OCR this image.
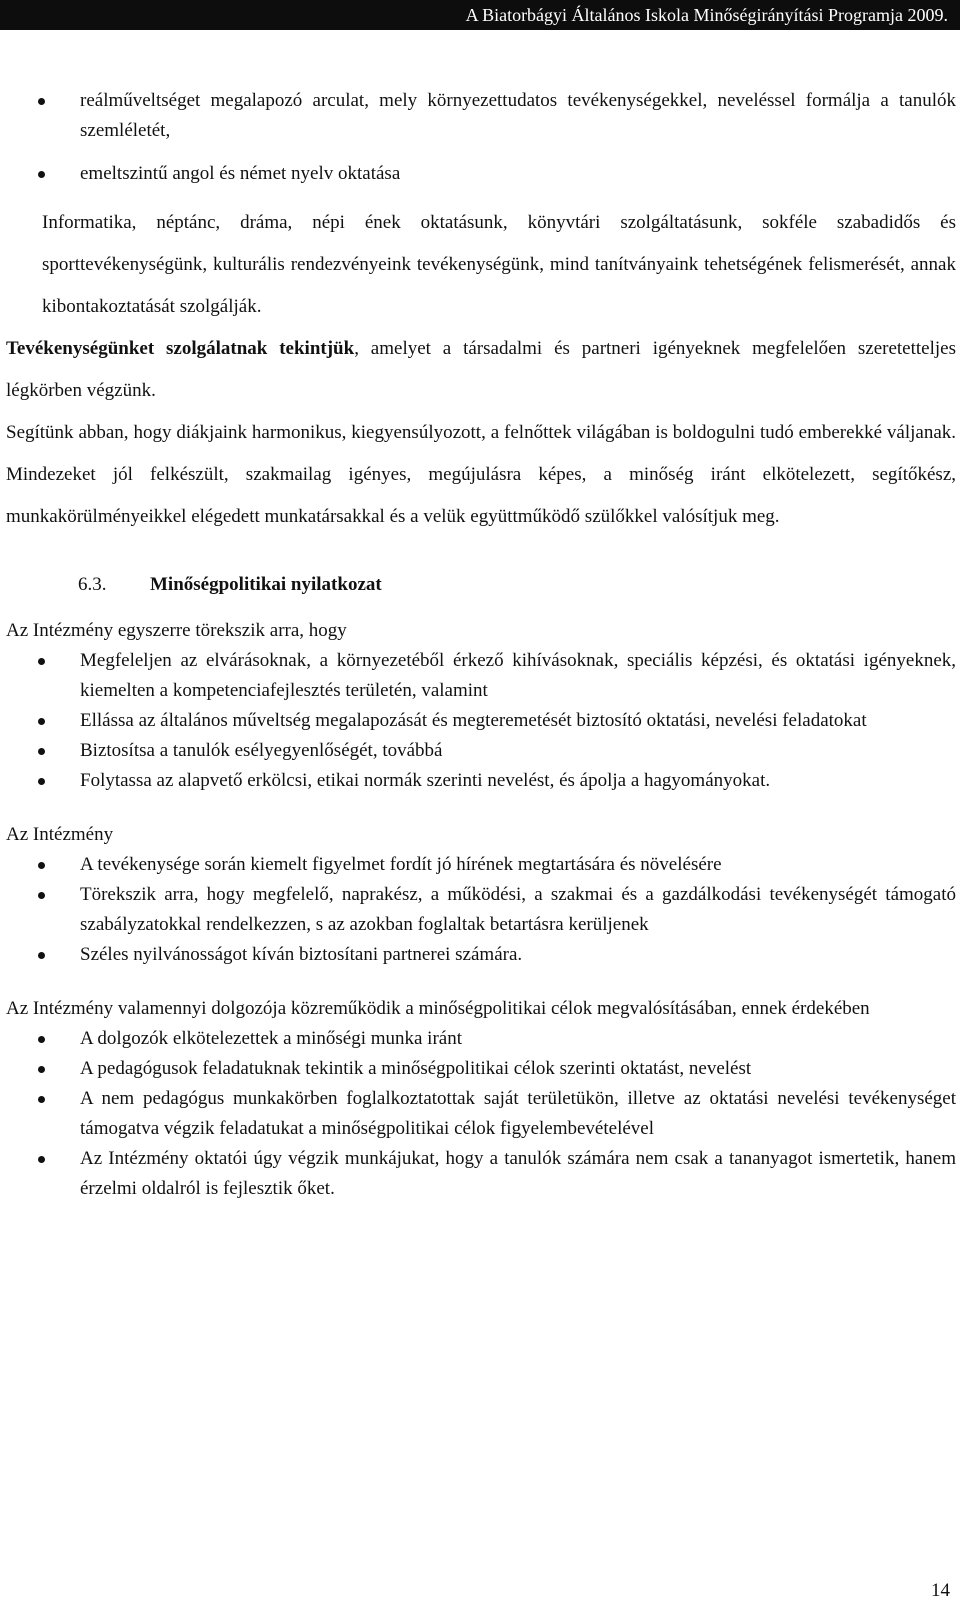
A Biatorbágyi Általános Iskola Minőségirányítási Programja 2009.
reálműveltséget megalapozó arculat, mely környezettudatos tevékenységekkel, neveléssel formálja a tanulók szemléletét,
emeltszintű angol és német nyelv oktatása

Informatika, néptánc, dráma, népi ének oktatásunk, könyvtári szolgáltatásunk, sokféle szabadidős és sporttevékenységünk, kulturális rendezvényeink tevékenységünk, mind tanítványaink tehetségének felismerését, annak kibontakoztatását szolgálják.

Tevékenységünket szolgálatnak tekintjük, amelyet a társadalmi és partneri igényeknek megfelelően szeretetteljes légkörben végzünk.

Segítünk abban, hogy diákjaink harmonikus, kiegyensúlyozott, a felnőttek világában is boldogulni tudó emberekké váljanak. Mindezeket jól felkészült, szakmailag igényes, megújulásra képes, a minőség iránt elkötelezett, segítőkész, munkakörülményeikkel elégedett munkatársakkal és a velük együttműködő szülőkkel valósítjuk meg.

6.3. Minőségpolitikai nyilatkozat

Az Intézmény egyszerre törekszik arra, hogy

Megfeleljen az elvárásoknak, a környezetéből érkező kihívásoknak, speciális képzési, és oktatási igényeknek, kiemelten a kompetenciafejlesztés területén, valamint
Ellássa az általános műveltség megalapozását és megteremetését biztosító oktatási, nevelési feladatokat
Biztosítsa a tanulók esélyegyenlőségét, továbbá
Folytassa az alapvető erkölcsi, etikai normák szerinti nevelést, és ápolja a hagyományokat.

Az Intézmény

A tevékenysége során kiemelt figyelmet fordít jó hírének megtartására és növelésére
Törekszik arra, hogy megfelelő, naprakész, a működési, a szakmai és a gazdálkodási tevékenységét támogató szabályzatokkal rendelkezzen, s az azokban foglaltak betartásra kerüljenek
Széles nyilvánosságot kíván biztosítani partnerei számára.

Az Intézmény valamennyi dolgozója közreműködik a minőségpolitikai célok megvalósításában, ennek érdekében

A dolgozók elkötelezettek a minőségi munka iránt
A pedagógusok feladatuknak tekintik a minőségpolitikai célok szerinti oktatást, nevelést
A nem pedagógus munkakörben foglalkoztatottak saját területükön, illetve az oktatási nevelési tevékenységet támogatva végzik feladatukat a minőségpolitikai célok figyelembevételével
Az Intézmény oktatói úgy végzik munkájukat, hogy a tanulók számára nem csak a tananyagot ismertetik, hanem érzelmi oldalról is fejlesztik őket.
14
